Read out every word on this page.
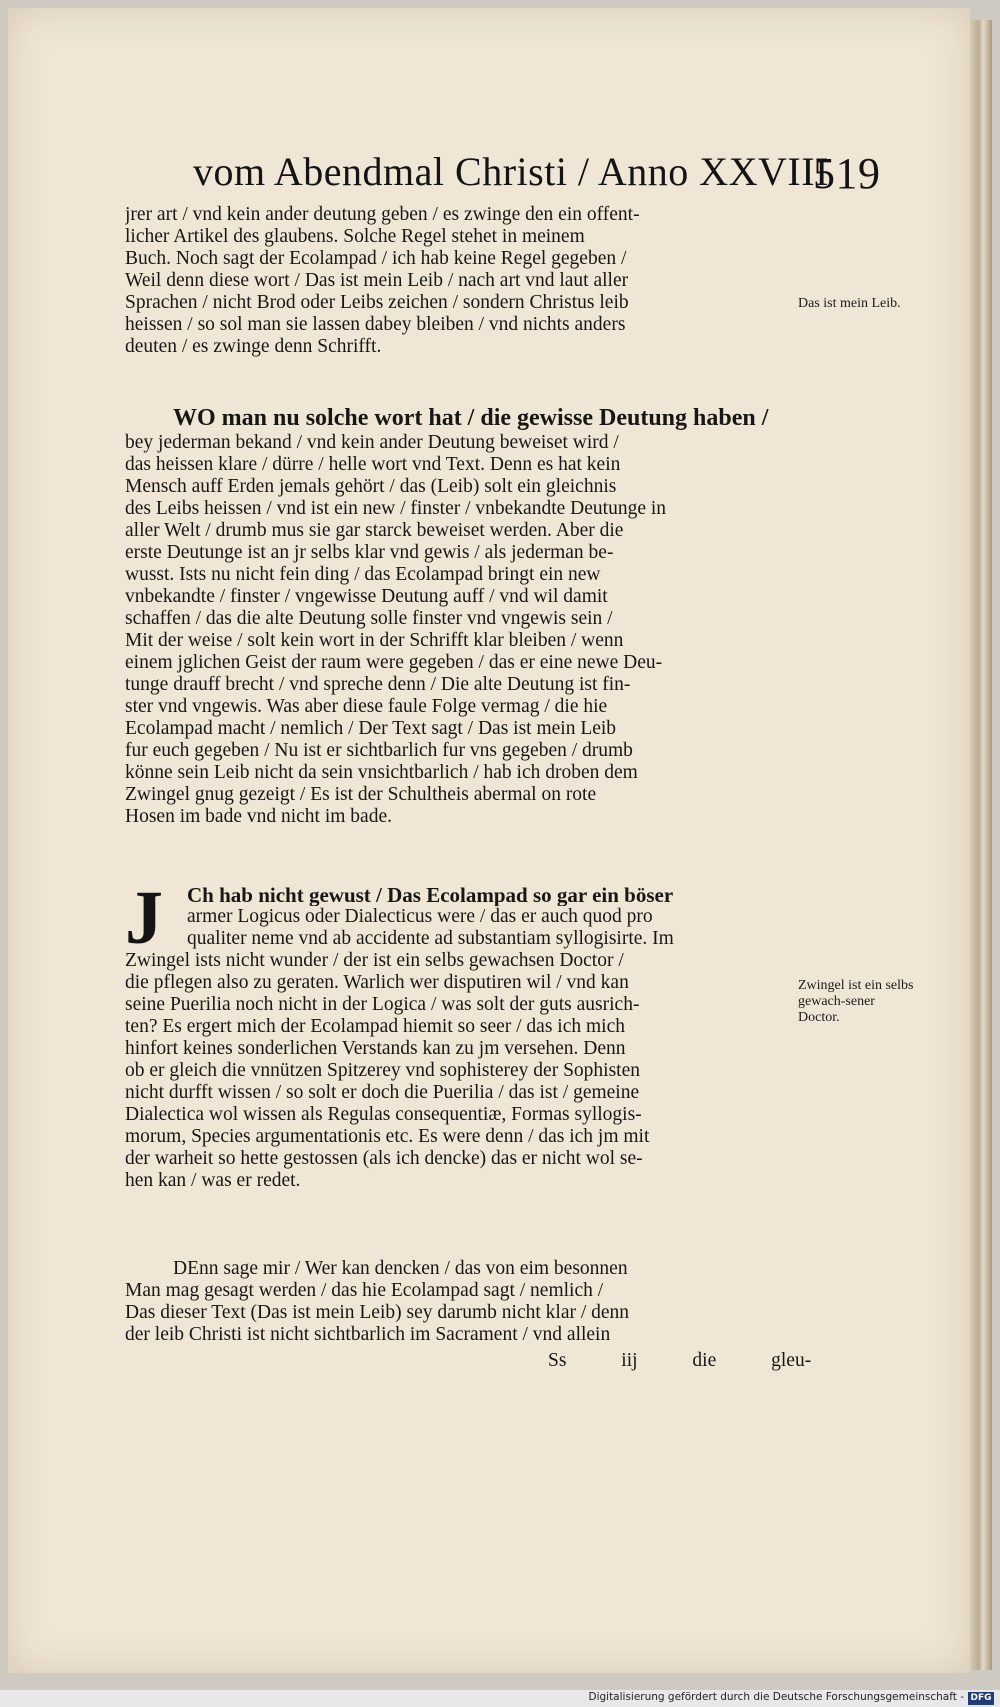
vom Abendmal Christi / Anno XXVIII
519
jrer art / vnd kein ander deutung geben / es zwinge den ein offent-
licher Artikel des glaubens. Solche Regel stehet in meinem
Buch. Noch sagt der Ecolampad / ich hab keine Regel gegeben /
Weil denn diese wort / Das ist mein Leib / nach art vnd laut aller
Sprachen / nicht Brod oder Leibs zeichen / sondern Christus leib
heissen / so sol man sie lassen dabey bleiben / vnd nichts anders
deuten / es zwinge denn Schrifft.
WO man nu solche wort hat / die gewisse Deutung haben /
bey jederman bekand / vnd kein ander Deutung beweiset wird /
das heissen klare / dürre / helle wort vnd Text. Denn es hat kein
Mensch auff Erden jemals gehört / das (Leib) solt ein gleichnis
des Leibs heissen / vnd ist ein new / finster / vnbekandte Deutunge in
aller Welt / drumb mus sie gar starck beweiset werden. Aber die
erste Deutunge ist an jr selbs klar vnd gewis / als jederman be-
wusst. Ists nu nicht fein ding / das Ecolampad bringt ein new
vnbekandte / finster / vngewisse Deutung auff / vnd wil damit
schaffen / das die alte Deutung solle finster vnd vngewis sein /
Mit der weise / solt kein wort in der Schrifft klar bleiben / wenn
einem jglichen Geist der raum were gegeben / das er eine newe Deu-
tunge drauff brecht / vnd spreche denn / Die alte Deutung ist fin-
ster vnd vngewis. Was aber diese faule Folge vermag / die hie
Ecolampad macht / nemlich / Der Text sagt / Das ist mein Leib
fur euch gegeben / Nu ist er sichtbarlich fur vns gegeben / drumb
könne sein Leib nicht da sein vnsichtbarlich / hab ich droben dem
Zwingel gnug gezeigt / Es ist der Schultheis abermal on rote
Hosen im bade vnd nicht im bade.
J	Ch hab nicht gewust / Das Ecolampad so gar ein böser
armer Logicus oder Dialecticus were / das er auch quod pro
qualiter neme vnd ab accidente ad substantiam syllogisirte. Im
Zwingel ists nicht wunder / der ist ein selbs gewachsen Doctor /
die pflegen also zu geraten. Warlich wer disputiren wil / vnd kan
seine Puerilia noch nicht in der Logica / was solt der guts ausrich-
ten? Es ergert mich der Ecolampad hiemit so seer / das ich mich
hinfort keines sonderlichen Verstands kan zu jm versehen. Denn
ob er gleich die vnnützen Spitzerey vnd sophisterey der Sophisten
nicht durfft wissen / so solt er doch die Puerilia / das ist / gemeine
Dialectica wol wissen als Regulas consequentiæ, Formas syllogis-
morum, Species argumentationis etc. Es were denn / das ich jm mit
der warheit so hette gestossen (als ich dencke) das er nicht wol se-
hen kan / was er redet.
DEnn sage mir / Wer kan dencken / das von eim besonnen
Man mag gesagt werden / das hie Ecolampad sagt / nemlich /
Das dieser Text (Das ist mein Leib) sey darumb nicht klar / denn
der leib Christi ist nicht sichtbarlich im Sacrament / vnd allein
Das ist mein Leib.
Zwingel ist ein selbs gewach-sener Doctor.
Ss iij die gleu-
Digitalisierung gefördert durch die Deutsche Forschungsgemeinschaft - DFG
